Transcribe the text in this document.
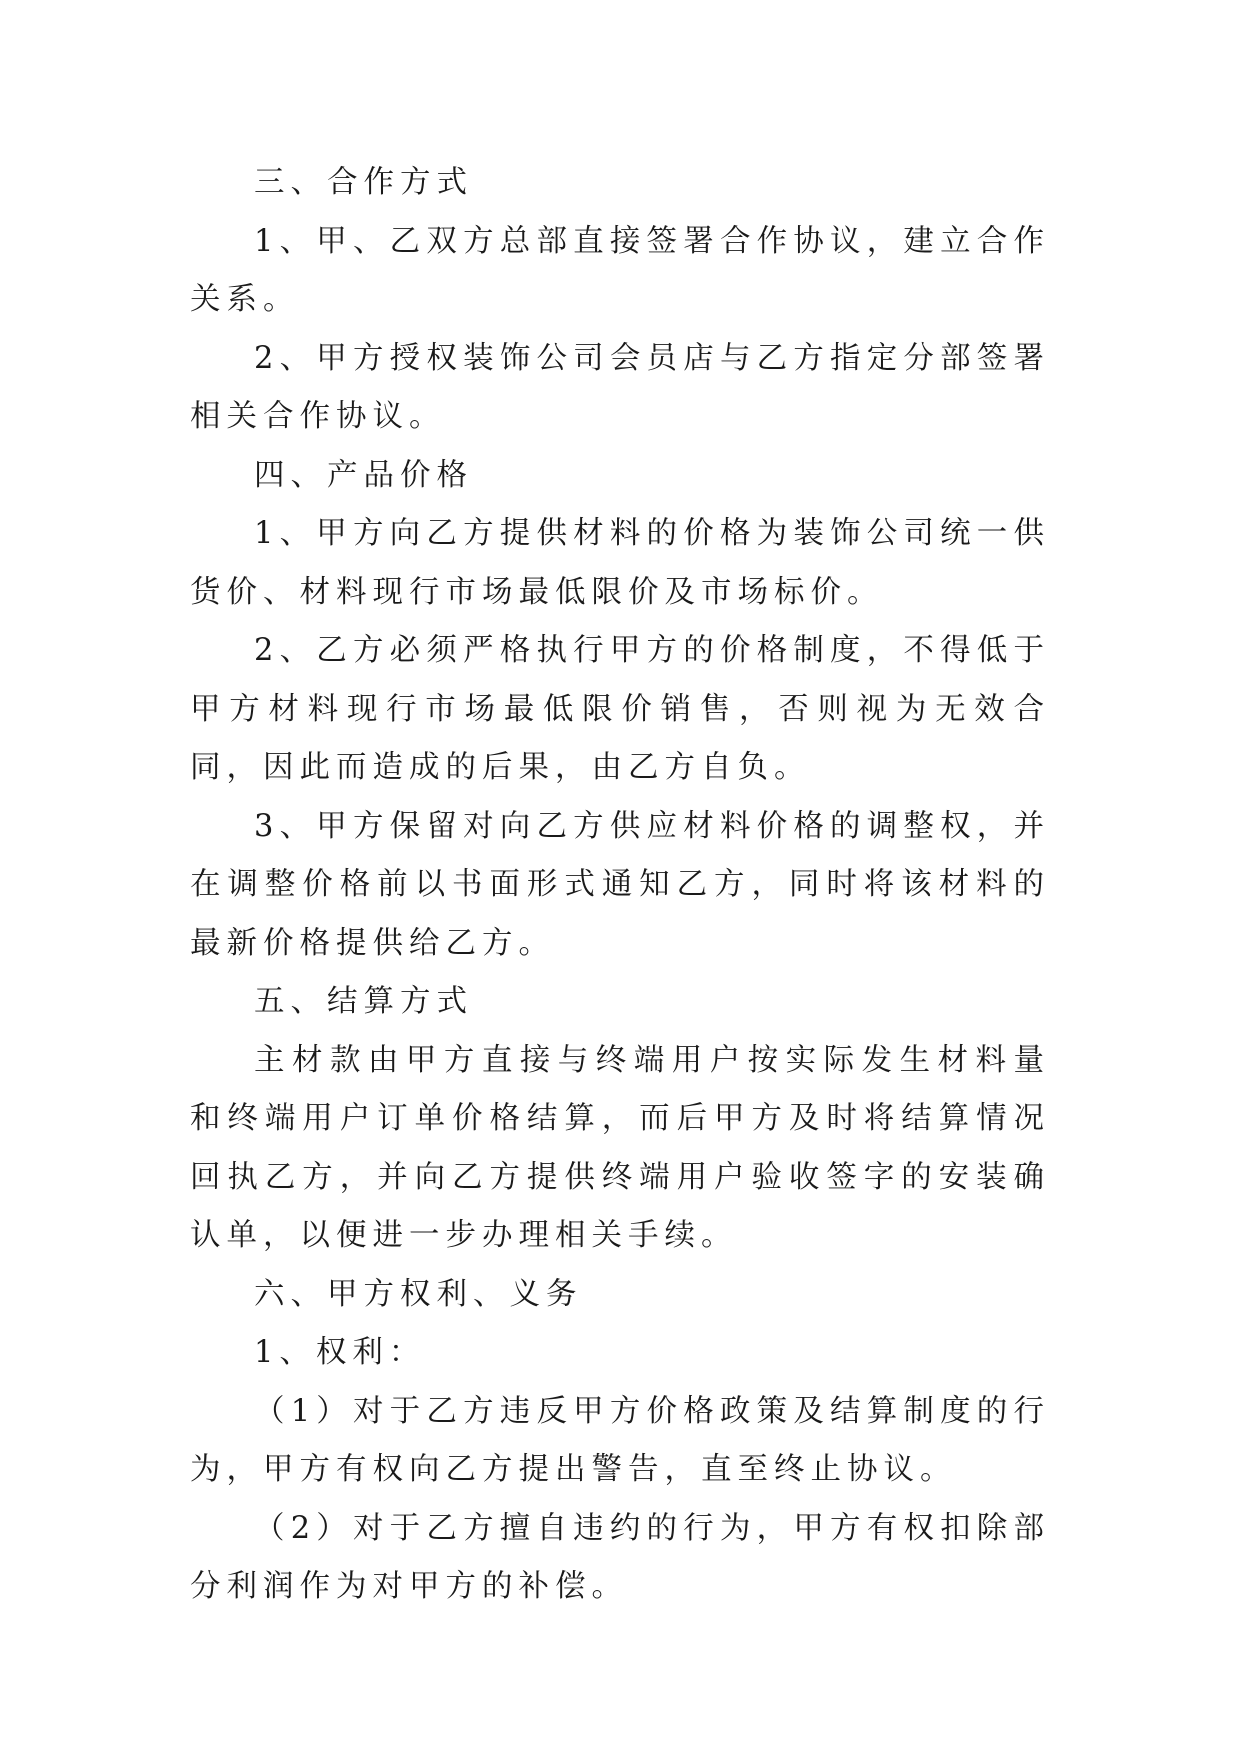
三、合作方式

1、甲、乙双方总部直接签署合作协议，建立合作关系。

2、甲方授权装饰公司会员店与乙方指定分部签署相关合作协议。

四、产品价格

1、甲方向乙方提供材料的价格为装饰公司统一供货价、材料现行市场最低限价及市场标价。

2、乙方必须严格执行甲方的价格制度，不得低于甲方材料现行市场最低限价销售，否则视为无效合同，因此而造成的后果，由乙方自负。

3、甲方保留对向乙方供应材料价格的调整权，并在调整价格前以书面形式通知乙方，同时将该材料的最新价格提供给乙方。

五、结算方式

主材款由甲方直接与终端用户按实际发生材料量和终端用户订单价格结算，而后甲方及时将结算情况回执乙方，并向乙方提供终端用户验收签字的安装确认单，以便进一步办理相关手续。

六、甲方权利、义务

1、权利：

（1）对于乙方违反甲方价格政策及结算制度的行为，甲方有权向乙方提出警告，直至终止协议。

（2）对于乙方擅自违约的行为，甲方有权扣除部分利润作为对甲方的补偿。
